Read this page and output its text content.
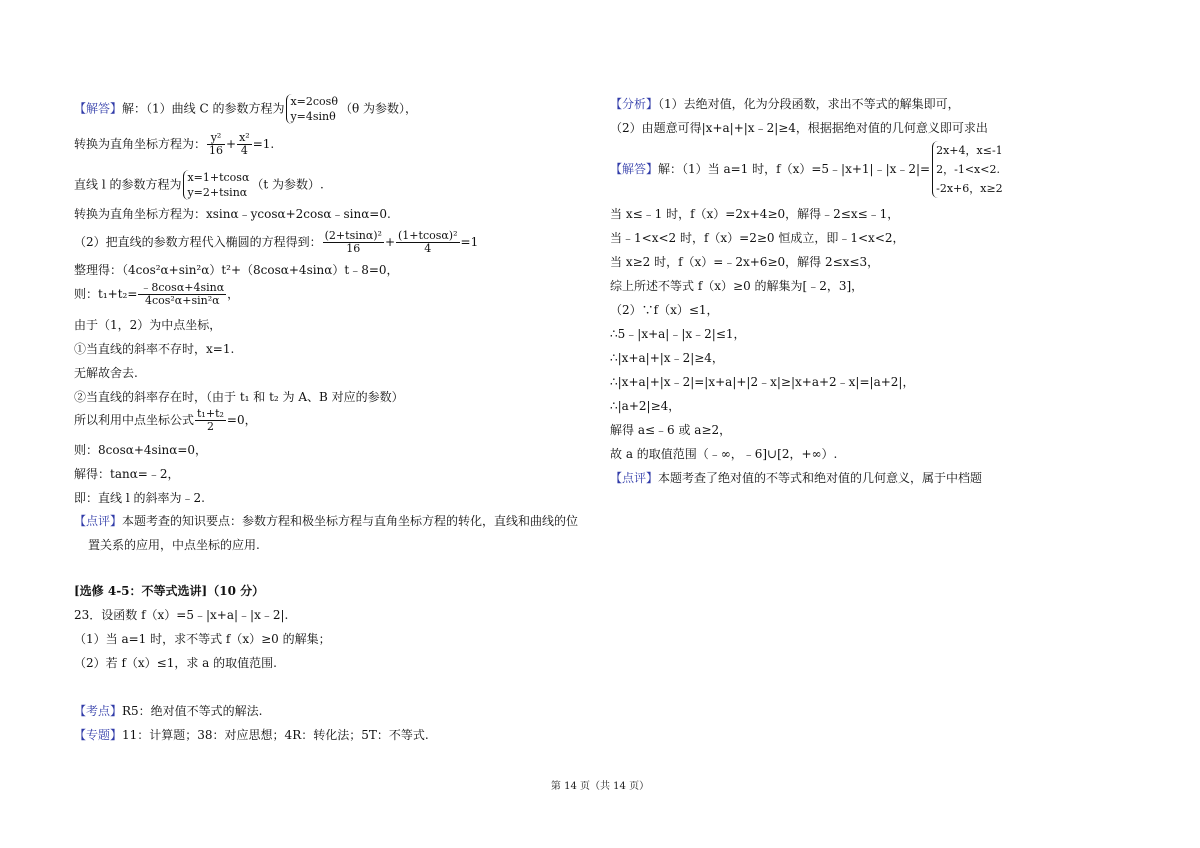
【解答】解：（1）曲线 C 的参数方程为 x=2cosθ
y=4sinθ
（θ 为参数），
转换为直角坐标方程为： $\frac{\text{y²}}{16} + \frac{\text{x²}}{4} =1$.
直线 l 的参数方程为 x=1+tcosα
y=2+tsinα
（t 为参数）.
转换为直角坐标方程为：xsinα﹣ycosα+2cosα﹣sinα=0.
（2）把直线的参数方程代入椭圆的方程得到： $\frac{\text{(2+tsinα)²}}{16} + \frac{\text{(1+tcosα)²}}{4} =1$
整理得：（4cos²α+sin²α）t²+（8cosα+4sinα）t﹣8=0，
则：$t_1+t_2= \frac{﹣8\cos\alpha+4\sin\alpha}{\text{4cos²α+sin²α}}$ ，
由于（1，2）为中点坐标，
①当直线的斜率不存时，x=1.
无解故舍去.
②当直线的斜率存在时，（由于 t₁ 和 t₂ 为 A、B 对应的参数）
所以利用中点坐标公式 $\frac{\text{t₁+t₂}}{2} =0$，
则：8cosα+4sinα=0，
解得：tanα=﹣2，
即：直线 l 的斜率为﹣2.
【点评】本题考查的知识要点：参数方程和极坐标方程与直角坐标方程的转化，直线和曲线的位
置关系的应用，中点坐标的应用.
[选修 4-5：不等式选讲]（10 分）
23．设函数 f（x）=5﹣|x+a|﹣|x﹣2|.
（1）当 a=1 时，求不等式 f（x）≥0 的解集；
（2）若 f（x）≤1，求 a 的取值范围.
【考点】R5：绝对值不等式的解法.
【专题】11：计算题；38：对应思想；4R：转化法；5T：不等式.
【分析】（1）去绝对值，化为分段函数，求出不等式的解集即可，
（2）由题意可得|x+a|+|x﹣2|≥4，根据据绝对值的几何意义即可求出
【解答】解：（1）当 a=1 时，f（x）=5﹣|x+1|﹣|x﹣2|=
2x+4，x≤-1
2，-1<x<2.
-2x+6，x≥2
当 x≤﹣1 时，f（x）=2x+4≥0，解得﹣2≤x≤﹣1，
当﹣1<x<2 时，f（x）=2≥0 恒成立，即﹣1<x<2，
当 x≥2 时，f（x）=﹣2x+6≥0，解得 2≤x≤3，
综上所述不等式 f（x）≥0 的解集为[﹣2，3]，
（2）∵f（x）≤1，
∴5﹣|x+a|﹣|x﹣2|≤1，
∴|x+a|+|x﹣2|≥4，
∴|x+a|+|x﹣2|=|x+a|+|2﹣x|≥|x+a+2﹣x|=|a+2|，
∴|a+2|≥4，
解得 a≤﹣6 或 a≥2，
故 a 的取值范围（﹣∞，﹣6]∪[2，+∞）.
【点评】本题考查了绝对值的不等式和绝对值的几何意义，属于中档题
第 14 页（共 14 页）
